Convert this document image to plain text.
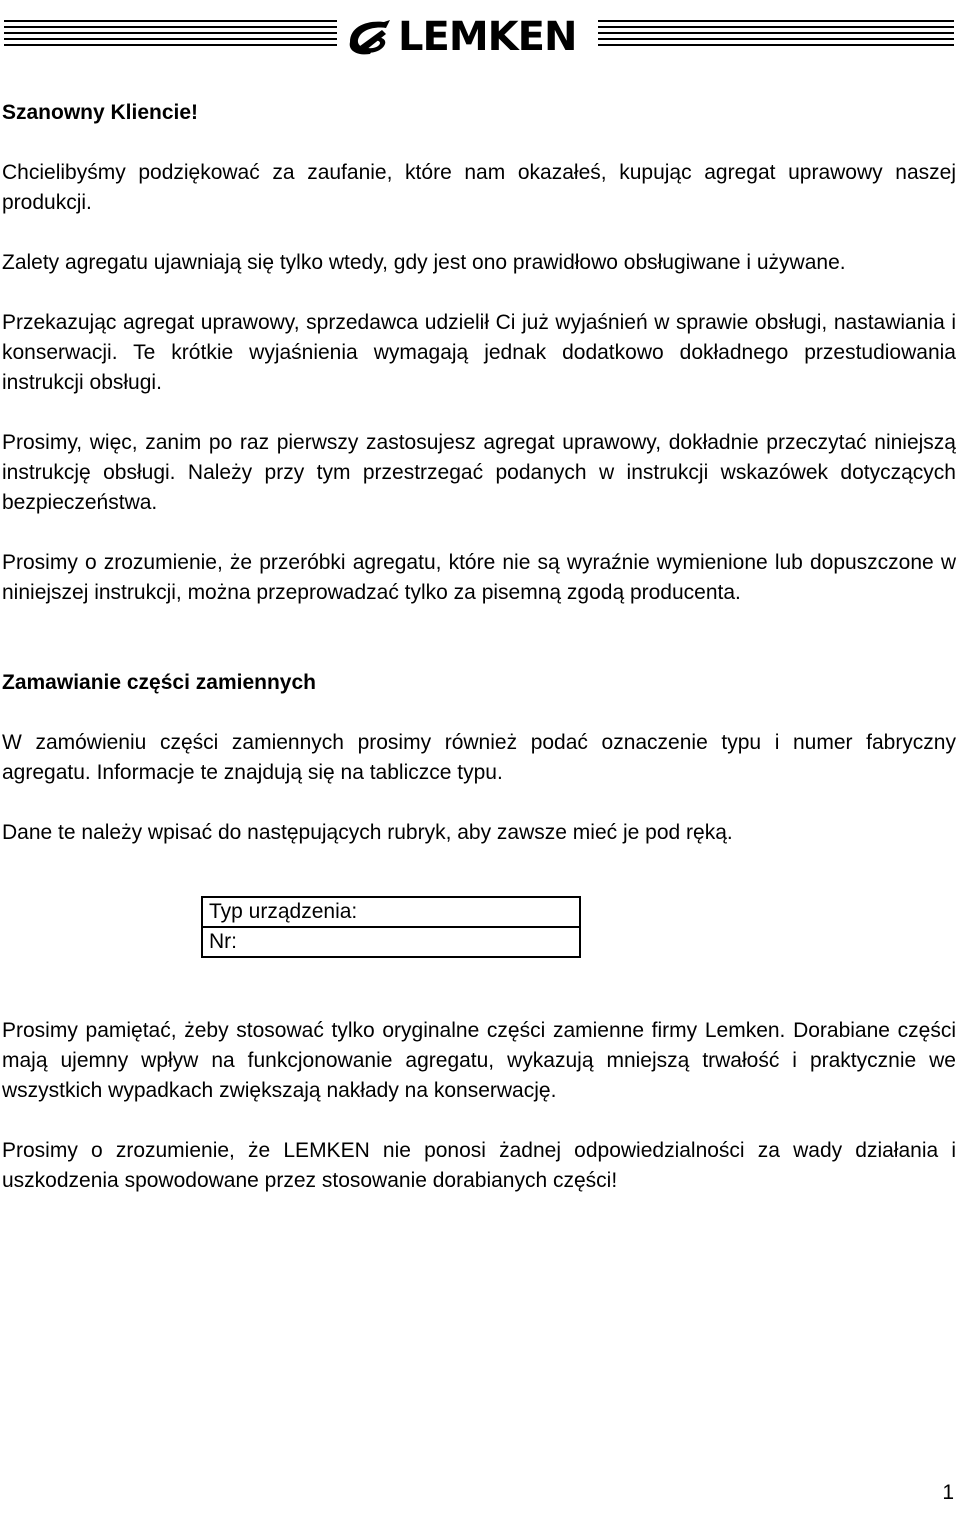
LEMKEN

Szanowny Kliencie!

Chcielibyśmy podziękować za zaufanie, które nam okazałeś, kupując agregat uprawowy naszej produkcji.

Zalety agregatu ujawniają się tylko wtedy, gdy jest ono prawidłowo obsługiwane i używane.

Przekazując agregat uprawowy, sprzedawca udzielił Ci już wyjaśnień w sprawie obsługi, nastawiania i konserwacji. Te krótkie wyjaśnienia wymagają jednak dodatkowo dokładnego przestudiowania instrukcji obsługi.

Prosimy, więc, zanim po raz pierwszy zastosujesz agregat uprawowy, dokładnie przeczytać niniejszą instrukcję obsługi. Należy przy tym przestrzegać podanych w instrukcji wskazówek dotyczących bezpieczeństwa.

Prosimy o zrozumienie, że przeróbki agregatu, które nie są wyraźnie wymienione lub dopuszczone w niniejszej instrukcji, można przeprowadzać tylko za pisemną zgodą producenta.

Zamawianie części zamiennych

W zamówieniu części zamiennych prosimy również podać oznaczenie typu i numer fabryczny agregatu. Informacje te znajdują się na tabliczce typu.

Dane te należy wpisać do następujących rubryk, aby zawsze mieć je pod ręką.

Typ urządzenia:
Nr:

Prosimy pamiętać, żeby stosować tylko oryginalne części zamienne firmy Lemken. Dorabiane części mają ujemny wpływ na funkcjonowanie agregatu, wykazują mniejszą trwałość i praktycznie we wszystkich wypadkach zwiększają nakłady na konserwację.

Prosimy o zrozumienie, że LEMKEN nie ponosi żadnej odpowiedzialności za wady działania i uszkodzenia spowodowane przez stosowanie dorabianych części!

1
